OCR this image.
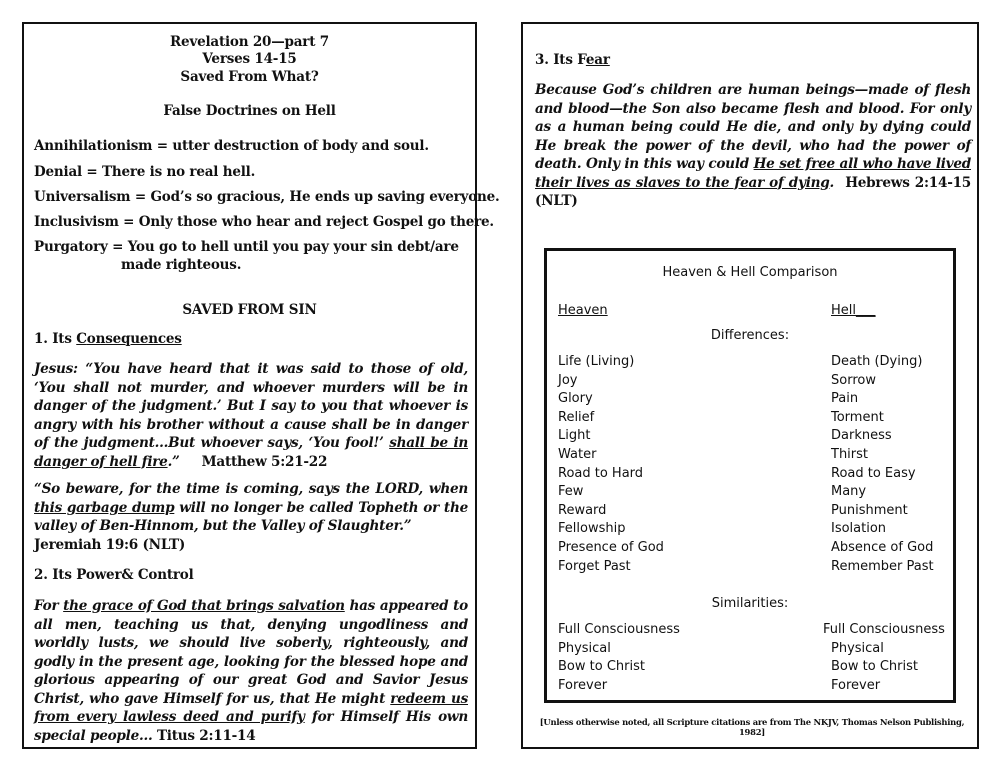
Revelation 20—part 7
Verses 14-15
Saved From What?
False Doctrines on Hell
Annihilationism = utter destruction of body and soul.
Denial = There is no real hell.
Universalism = God’s so gracious, He ends up saving everyone.
Inclusivism = Only those who hear and reject Gospel go there.
Purgatory = You go to hell until you pay your sin debt/are
made righteous.
SAVED FROM SIN
1. Its Consequences
Jesus: “You have heard that it was said to those of old, ‘You shall not murder, and whoever murders will be in danger of the judgment.’ But I say to you that whoever is angry with his brother without a cause shall be in danger of the judgment...But whoever says, ‘You fool!’ shall be in danger of hell fire.” Matthew 5:21-22
“So beware, for the time is coming, says the LORD, when this garbage dump will no longer be called Topheth or the valley of Ben-Hinnom, but the Valley of Slaughter.”
Jeremiah 19:6 (NLT)
2. Its Power& Control
For the grace of God that brings salvation has appeared to all men, teaching us that, denying ungodliness and worldly lusts, we should live soberly, righteously, and godly in the present age, looking for the blessed hope and glorious appearing of our great God and Savior Jesus Christ, who gave Himself for us, that He might redeem us from every lawless deed and purify for Himself His own special people... Titus 2:11-14
3. Its Fear
Because God’s children are human beings—made of flesh and blood—the Son also became flesh and blood. For only as a human being could He die, and only by dying could He break the power of the devil, who had the power of death. Only in this way could He set free all who have lived their lives as slaves to the fear of dying. Hebrews 2:14-15 (NLT)
Heaven & Hell Comparison
Heaven	Hell___
Differences:
Life (Living)	Death (Dying)
Joy	Sorrow
Glory	Pain
Relief	Torment
Light	Darkness
Water	Thirst
Road to Hard	Road to Easy
Few	Many
Reward	Punishment
Fellowship	Isolation
Presence of God	Absence of God
Forget Past	Remember Past
Similarities:
Full Consciousness	Full Consciousness
Physical	Physical
Bow to Christ	Bow to Christ
Forever	Forever
[Unless otherwise noted, all Scripture citations are from The NKJV, Thomas Nelson Publishing, 1982]
